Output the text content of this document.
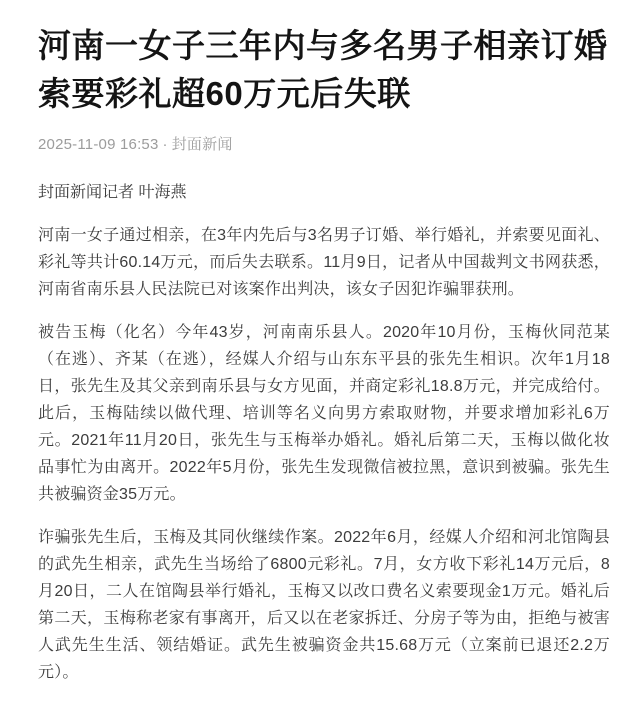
河南一女子三年内与多名男子相亲订婚索要彩礼超60万元后失联
2025-11-09 16:53 · 封面新闻
封面新闻记者 叶海燕

河南一女子通过相亲，在3年内先后与3名男子订婚、举行婚礼，并索要见面礼、彩礼等共计60.14万元，而后失去联系。11月9日，记者从中国裁判文书网获悉，河南省南乐县人民法院已对该案作出判决，该女子因犯诈骗罪获刑。

被告玉梅（化名）今年43岁，河南南乐县人。2020年10月份，玉梅伙同范某（在逃）、齐某（在逃），经媒人介绍与山东东平县的张先生相识。次年1月18日，张先生及其父亲到南乐县与女方见面，并商定彩礼18.8万元，并完成给付。此后，玉梅陆续以做代理、培训等名义向男方索取财物，并要求增加彩礼6万元。2021年11月20日，张先生与玉梅举办婚礼。婚礼后第二天，玉梅以做化妆品事忙为由离开。2022年5月份，张先生发现微信被拉黑，意识到被骗。张先生共被骗资金35万元。

诈骗张先生后，玉梅及其同伙继续作案。2022年6月，经媒人介绍和河北馆陶县的武先生相亲，武先生当场给了6800元彩礼。7月，女方收下彩礼14万元后，8月20日，二人在馆陶县举行婚礼，玉梅又以改口费名义索要现金1万元。婚礼后第二天，玉梅称老家有事离开，后又以在老家拆迁、分房子等为由，拒绝与被害人武先生生活、领结婚证。武先生被骗资金共15.68万元（立案前已退还2.2万元）。
